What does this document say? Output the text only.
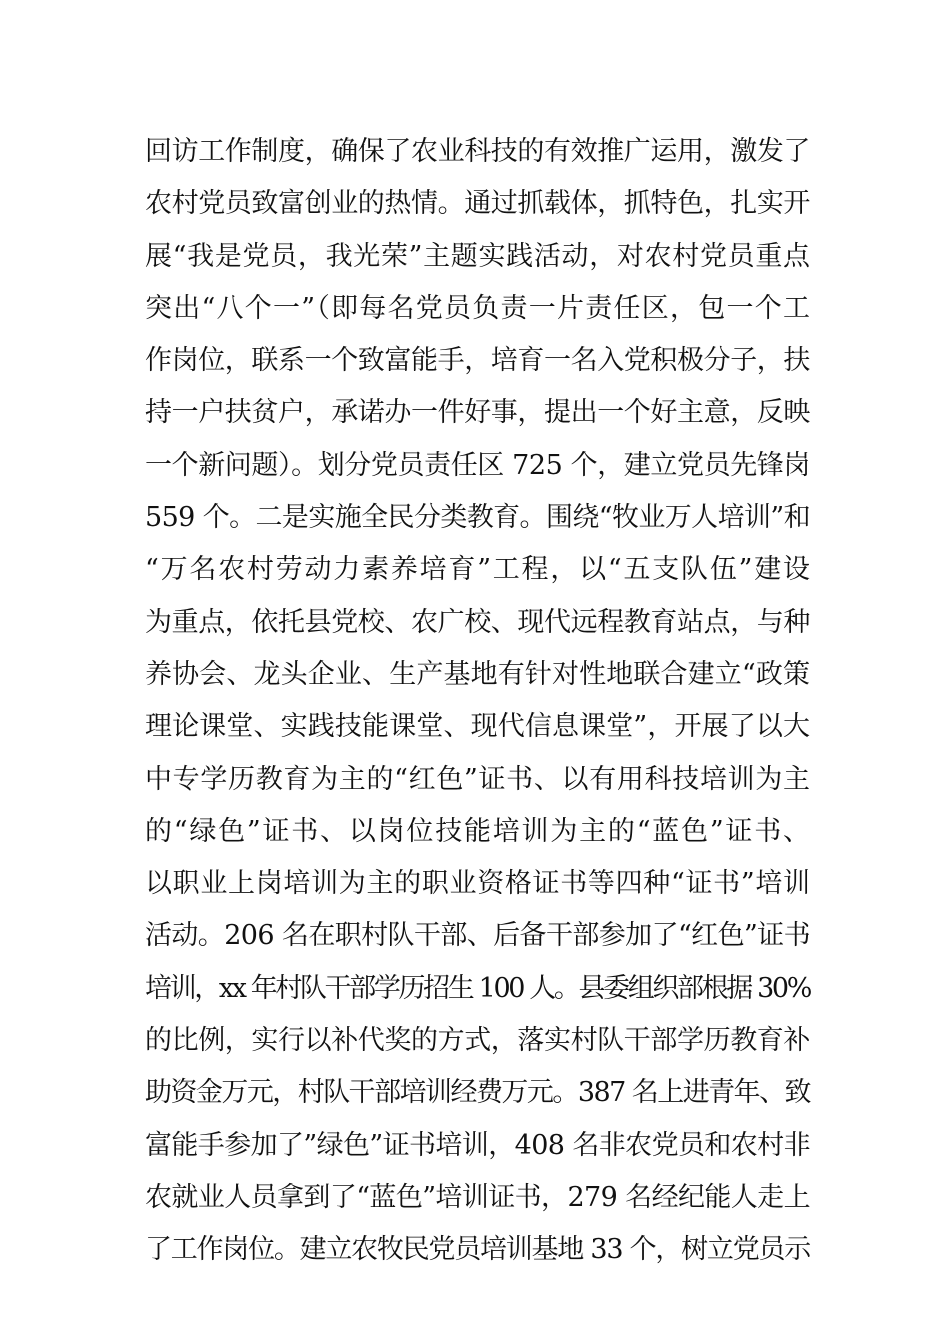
回访工作制度，确保了农业科技的有效推广运用，激发了
农村党员致富创业的热情。通过抓载体，抓特色，扎实开
展“我是党员，我光荣”主题实践活动，对农村党员重点
突出“八个一”（即每名党员负责一片责任区，包一个工
作岗位，联系一个致富能手，培育一名入党积极分子，扶
持一户扶贫户，承诺办一件好事，提出一个好主意，反映
一个新问题）。划分党员责任区 725 个，建立党员先锋岗
559 个。二是实施全民分类教育。围绕“牧业万人培训”和
“万名农村劳动力素养培育”工程，以“五支队伍”建设
为重点，依托县党校、农广校、现代远程教育站点，与种
养协会、龙头企业、生产基地有针对性地联合建立“政策
理论课堂、实践技能课堂、现代信息课堂”，开展了以大
中专学历教育为主的“红色”证书、以有用科技培训为主
的“绿色”证书、以岗位技能培训为主的“蓝色”证书、
以职业上岗培训为主的职业资格证书等四种“证书”培训
活动。206 名在职村队干部、后备干部参加了“红色”证书
培训，xx 年村队干部学历招生 100 人。县委组织部根据 30%
的比例，实行以补代奖的方式，落实村队干部学历教育补
助资金万元，村队干部培训经费万元。387 名上进青年、致
富能手参加了”绿色”证书培训，408 名非农党员和农村非
农就业人员拿到了“蓝色”培训证书，279 名经纪能人走上
了工作岗位。建立农牧民党员培训基地 33 个，树立党员示
